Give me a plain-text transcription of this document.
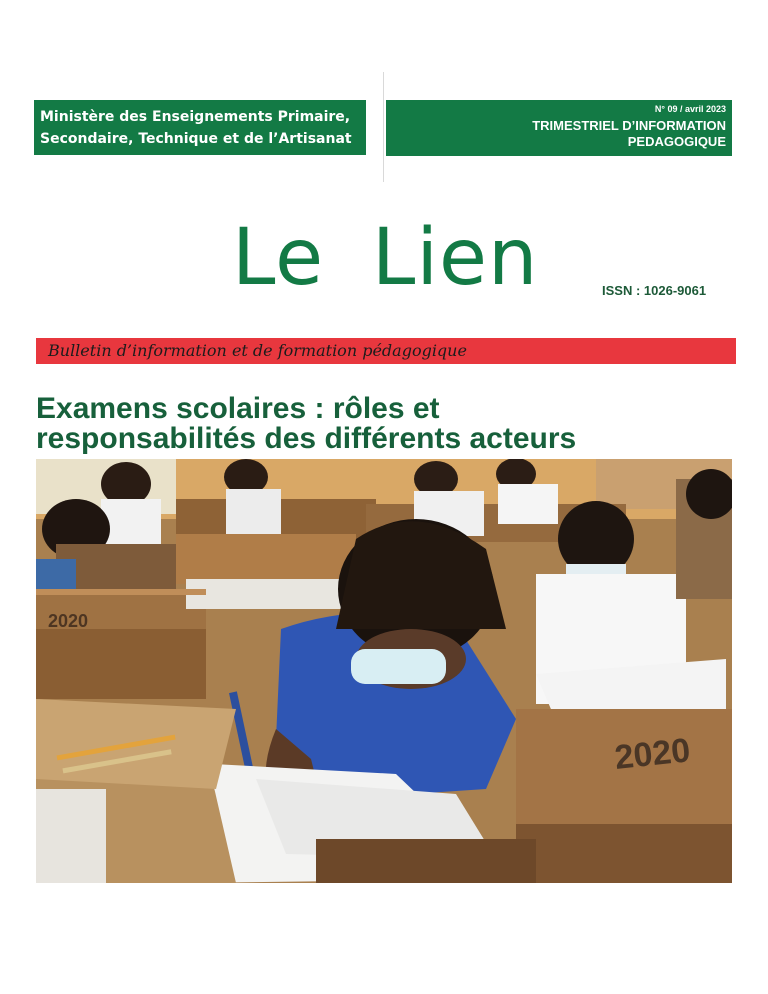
Ministère des Enseignements Primaire,
Secondaire, Technique et de l’Artisanat
N° 09 / avril 2023
TRIMESTRIEL D’INFORMATION
PEDAGOGIQUE
Le Lien	ISSN : 1026-9061
Bulletin d’information et de formation pédagogique
Examens scolaires : rôles et
responsabilités des différents acteurs
2020
2020
